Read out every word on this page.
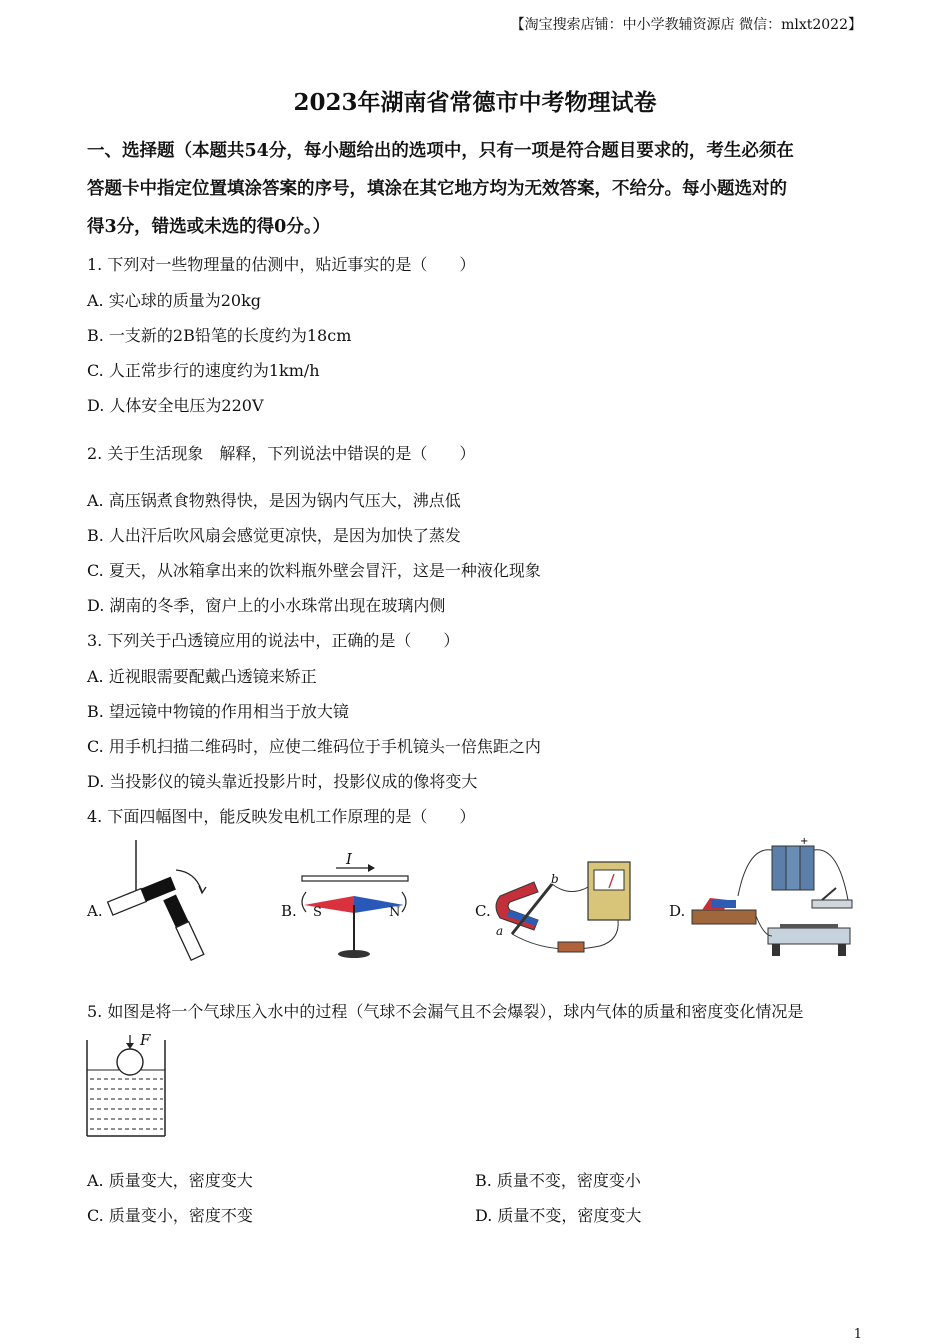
【淘宝搜索店铺：中小学教辅资源店 微信：mlxt2022】
2023年湖南省常德市中考物理试卷
一、选择题（本题共54分，每小题给出的选项中，只有一项是符合题目要求的，考生必须在
答题卡中指定位置填涂答案的序号，填涂在其它地方均为无效答案，不给分。每小题选对的
得3分，错选或未选的得0分。）
1. 下列对一些物理量的估测中，贴近事实的是（　　）
A. 实心球的质量为20kg
B. 一支新的2B铅笔的长度约为18cm
C. 人正常步行的速度约为1km/h
D. 人体安全电压为220V
2. 关于生活现象　解释，下列说法中错误的是（　　）
A. 高压锅煮食物熟得快，是因为锅内气压大，沸点低
B. 人出汗后吹风扇会感觉更凉快，是因为加快了蒸发
C. 夏天，从冰箱拿出来的饮料瓶外壁会冒汗，这是一种液化现象
D. 湖南的冬季，窗户上的小水珠常出现在玻璃内侧
3. 下列关于凸透镜应用的说法中，正确的是（　　）
A. 近视眼需要配戴凸透镜来矫正
B. 望远镜中物镜的作用相当于放大镜
C. 用手机扫描二维码时，应使二维码位于手机镜头一倍焦距之内
D. 当投影仪的镜头靠近投影片时，投影仪成的像将变大
4. 下面四幅图中，能反映发电机工作原理的是（　　）
A.	B.
I
S	N	C.
b
a
D.
+
5. 如图是将一个气球压入水中的过程（气球不会漏气且不会爆裂），球内气体的质量和密度变化情况是
F
A. 质量变大，密度变大	B. 质量不变，密度变小
C. 质量变小，密度不变	D. 质量不变，密度变大
1
